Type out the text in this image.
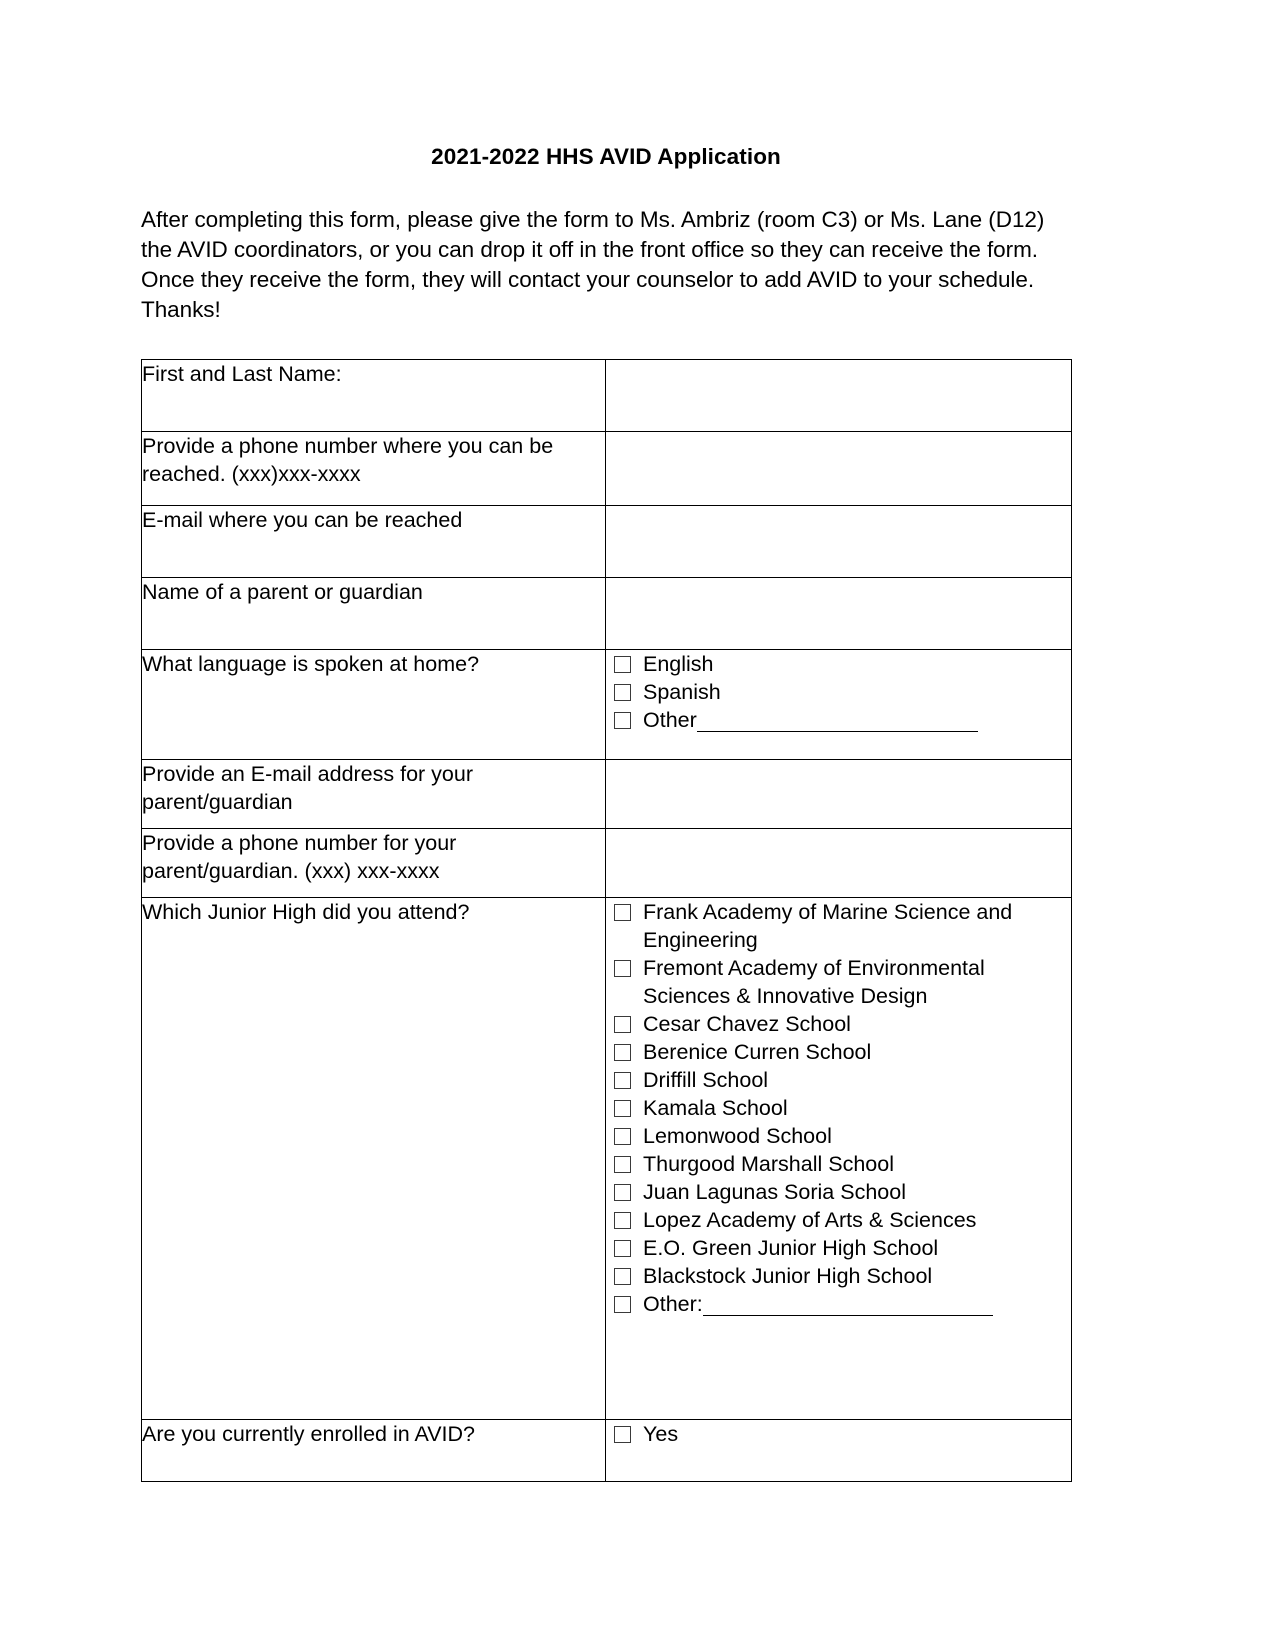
2021-2022 HHS AVID Application

After completing this form, please give the form to Ms. Ambriz (room C3) or Ms. Lane (D12) the AVID coordinators, or you can drop it off in the front office so they can receive the form. Once they receive the form, they will contact your counselor to add AVID to your schedule. Thanks!

First and Last Name:	

Provide a phone number where you can be reached. (xxx)xxx-xxxx	

E-mail where you can be reached	

Name of a parent or guardian	

What language is spoken at home?	English
Spanish
Other

Provide an E-mail address for your parent/guardian	

Provide a phone number for your parent/guardian. (xxx) xxx-xxxx	

Which Junior High did you attend?	Frank Academy of Marine Science and Engineering
Fremont Academy of Environmental Sciences & Innovative Design
Cesar Chavez School
Berenice Curren School
Driffill School
Kamala School
Lemonwood School
Thurgood Marshall School
Juan Lagunas Soria School
Lopez Academy of Arts & Sciences
E.O. Green Junior High School
Blackstock Junior High School
Other:

Are you currently enrolled in AVID?	Yes
